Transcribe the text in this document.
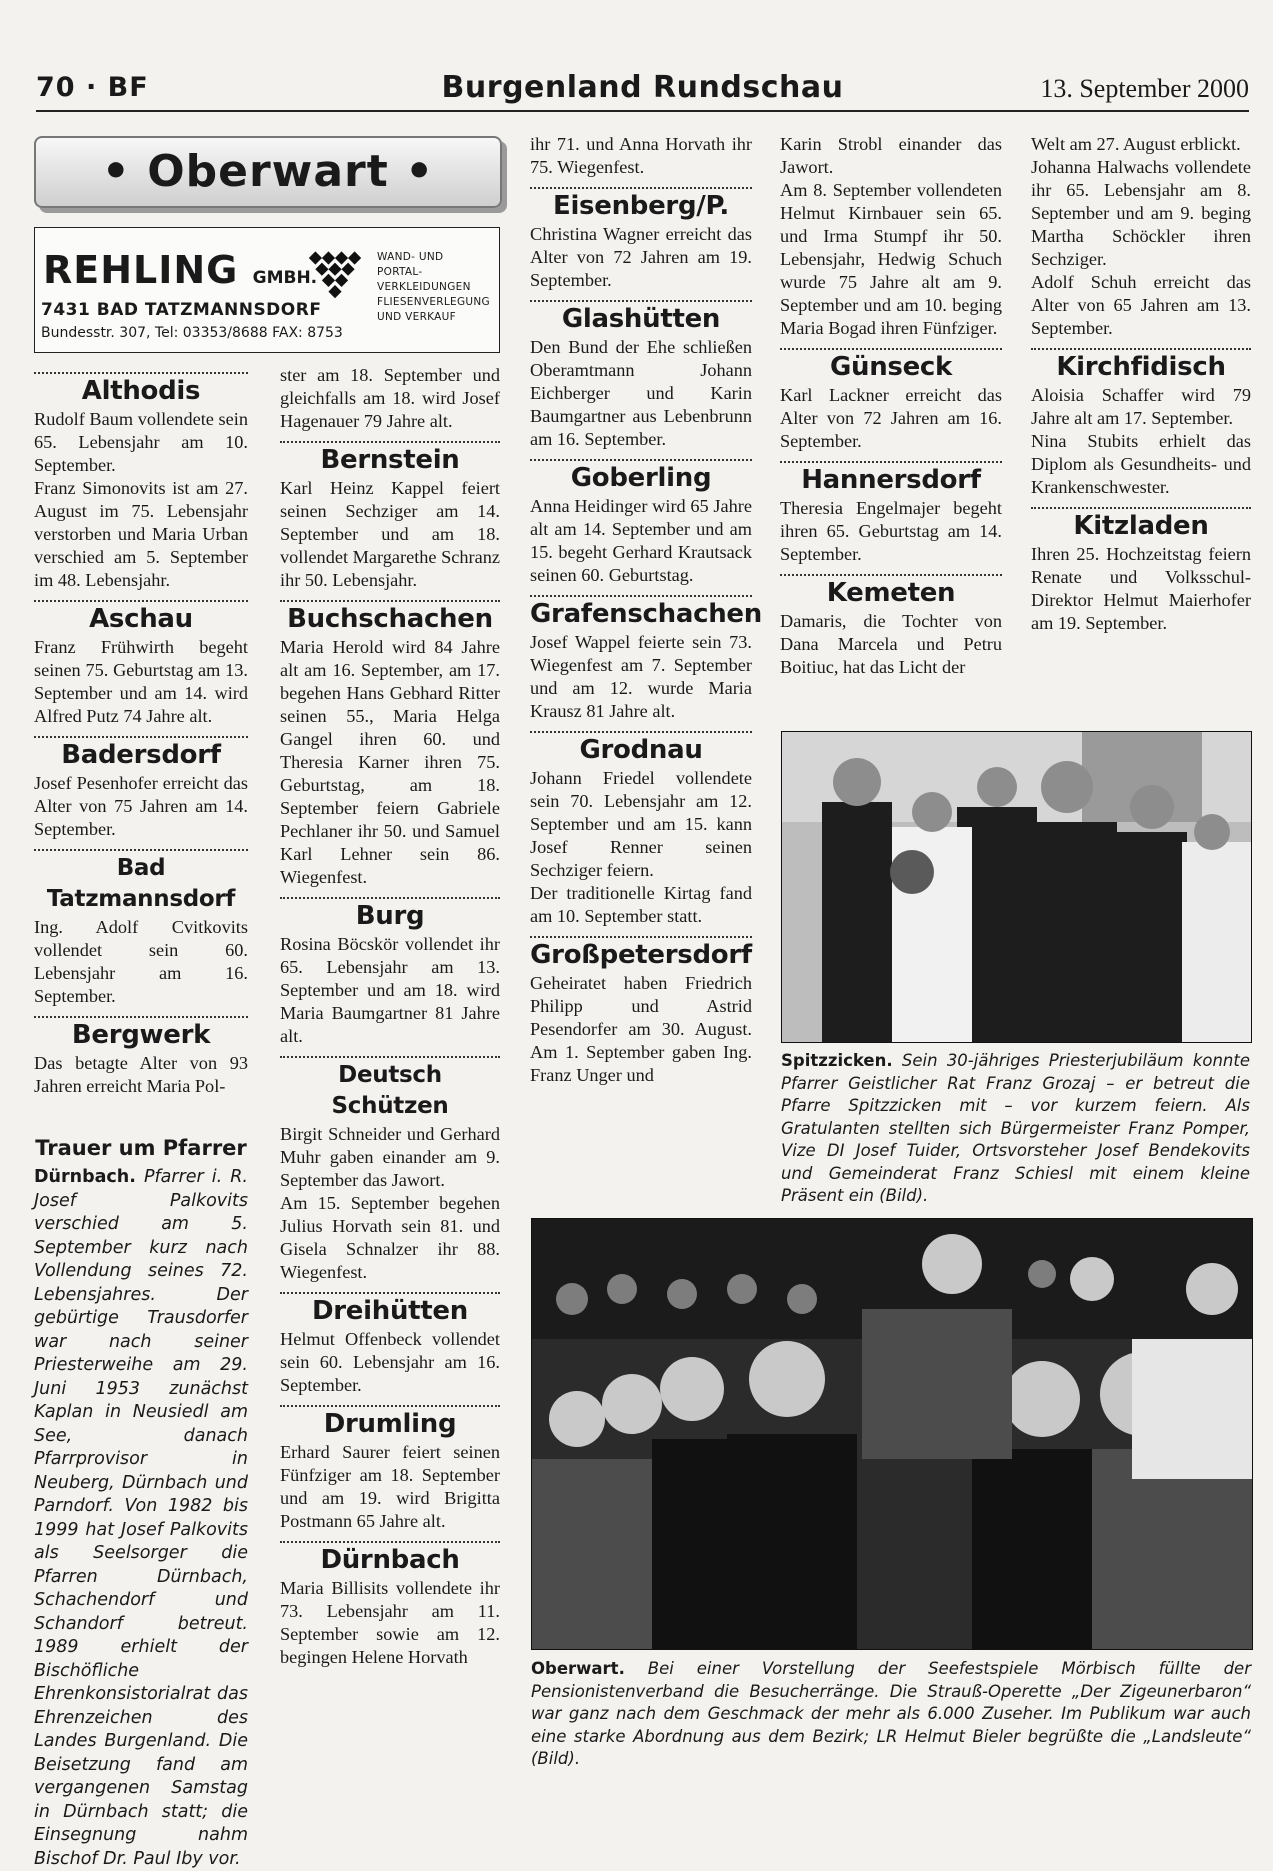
70 · BF	Burgenland Rundschau	13. September 2000
• Oberwart •
REHLING GMBH.
WAND- UND
PORTAL-
VERKLEIDUNGEN
FLIESENVERLEGUNG
UND VERKAUF
7431 BAD TATZMANNSDORF
Bundesstr. 307, Tel: 03353/8688 FAX: 8753
Althodis

Rudolf Baum vollendete sein 65. Lebensjahr am 10. September.

Franz Simonovits ist am 27. August im 75. Lebensjahr verstorben und Maria Urban verschied am 5. September im 48. Lebensjahr.

Aschau

Franz Frühwirth begeht seinen 75. Geburtstag am 13. September und am 14. wird Alfred Putz 74 Jahre alt.

Badersdorf

Josef Pesenhofer erreicht das Alter von 75 Jahren am 14. September.

Bad Tatzmannsdorf

Ing. Adolf Cvitkovits vollendet sein 60. Lebensjahr am 16. September.

Bergwerk

Das betagte Alter von 93 Jahren erreicht Maria Pol-

Trauer um Pfarrer

Dürnbach. Pfarrer i. R. Josef Palkovits verschied am 5. September kurz nach Vollendung seines 72. Lebensjahres. Der gebürtige Trausdorfer war nach seiner Priesterweihe am 29. Juni 1953 zunächst Kaplan in Neusiedl am See, danach Pfarrprovisor in Neuberg, Dürnbach und Parndorf. Von 1982 bis 1999 hat Josef Palkovits als Seelsorger die Pfarren Dürnbach, Schachendorf und Schandorf betreut. 1989 erhielt der Bischöfliche Ehrenkonsistorialrat das Ehrenzeichen des Landes Burgenland. Die Beisetzung fand am vergangenen Samstag in Dürnbach statt; die Einsegnung nahm Bischof Dr. Paul Iby vor.

ster am 18. September und gleichfalls am 18. wird Josef Hagenauer 79 Jahre alt.

Bernstein

Karl Heinz Kappel feiert seinen Sechziger am 14. September und am 18. vollendet Margarethe Schranz ihr 50. Lebensjahr.

Buchschachen

Maria Herold wird 84 Jahre alt am 16. September, am 17. begehen Hans Gebhard Ritter seinen 55., Maria Helga Gangel ihren 60. und Theresia Karner ihren 75. Geburtstag, am 18. September feiern Gabriele Pechlaner ihr 50. und Samuel Karl Lehner sein 86. Wiegenfest.

Burg

Rosina Böcskör vollendet ihr 65. Lebensjahr am 13. September und am 18. wird Maria Baumgartner 81 Jahre alt.

Deutsch Schützen

Birgit Schneider und Gerhard Muhr gaben einander am 9. September das Jawort.

Am 15. September begehen Julius Horvath sein 81. und Gisela Schnalzer ihr 88. Wiegenfest.

Dreihütten

Helmut Offenbeck vollendet sein 60. Lebensjahr am 16. September.

Drumling

Erhard Saurer feiert seinen Fünfziger am 18. September und am 19. wird Brigitta Postmann 65 Jahre alt.

Dürnbach

Maria Billisits vollendete ihr 73. Lebensjahr am 11. September sowie am 12. begingen Helene Horvath

ihr 71. und Anna Horvath ihr 75. Wiegenfest.

Eisenberg/P.

Christina Wagner erreicht das Alter von 72 Jahren am 19. September.

Glashütten

Den Bund der Ehe schließen Oberamtmann Johann Eichberger und Karin Baumgartner aus Lebenbrunn am 16. September.

Goberling

Anna Heidinger wird 65 Jahre alt am 14. September und am 15. begeht Gerhard Krautsack seinen 60. Geburtstag.

Grafenschachen

Josef Wappel feierte sein 73. Wiegenfest am 7. September und am 12. wurde Maria Krausz 81 Jahre alt.

Grodnau

Johann Friedel vollendete sein 70. Lebensjahr am 12. September und am 15. kann Josef Renner seinen Sechziger feiern.

Der traditionelle Kirtag fand am 10. September statt.

Großpetersdorf

Geheiratet haben Friedrich Philipp und Astrid Pesendorfer am 30. August. Am 1. September gaben Ing. Franz Unger und

Karin Strobl einander das Jawort.

Am 8. September vollendeten Helmut Kirnbauer sein 65. und Irma Stumpf ihr 50. Lebensjahr, Hedwig Schuch wurde 75 Jahre alt am 9. September und am 10. beging Maria Bogad ihren Fünfziger.

Günseck

Karl Lackner erreicht das Alter von 72 Jahren am 16. September.

Hannersdorf

Theresia Engelmajer begeht ihren 65. Geburtstag am 14. September.

Kemeten

Damaris, die Tochter von Dana Marcela und Petru Boitiuc, hat das Licht der

Welt am 27. August erblickt.

Johanna Halwachs vollendete ihr 65. Lebensjahr am 8. September und am 9. beging Martha Schöckler ihren Sechziger.

Adolf Schuh erreicht das Alter von 65 Jahren am 13. September.

Kirchfidisch

Aloisia Schaffer wird 79 Jahre alt am 17. September.

Nina Stubits erhielt das Diplom als Gesundheits- und Krankenschwester.

Kitzladen

Ihren 25. Hochzeitstag feiern Renate und Volksschul-Direktor Helmut Maierhofer am 19. September.

Spitzzicken. Sein 30-jähriges Priesterjubiläum konnte Pfarrer Geistlicher Rat Franz Grozaj – er betreut die Pfarre Spitzzicken mit – vor kurzem feiern. Als Gratulanten stellten sich Bürgermeister Franz Pomper, Vize DI Josef Tuider, Ortsvorsteher Josef Bendekovits und Gemeinderat Franz Schiesl mit einem kleine Präsent ein (Bild).
Oberwart. Bei einer Vorstellung der Seefestspiele Mörbisch füllte der Pensionistenverband die Besucherränge. Die Strauß-Operette „Der Zigeunerbaron“ war ganz nach dem Geschmack der mehr als 6.000 Zuseher. Im Publikum war auch eine starke Abordnung aus dem Bezirk; LR Helmut Bieler begrüßte die „Landsleute“ (Bild).
